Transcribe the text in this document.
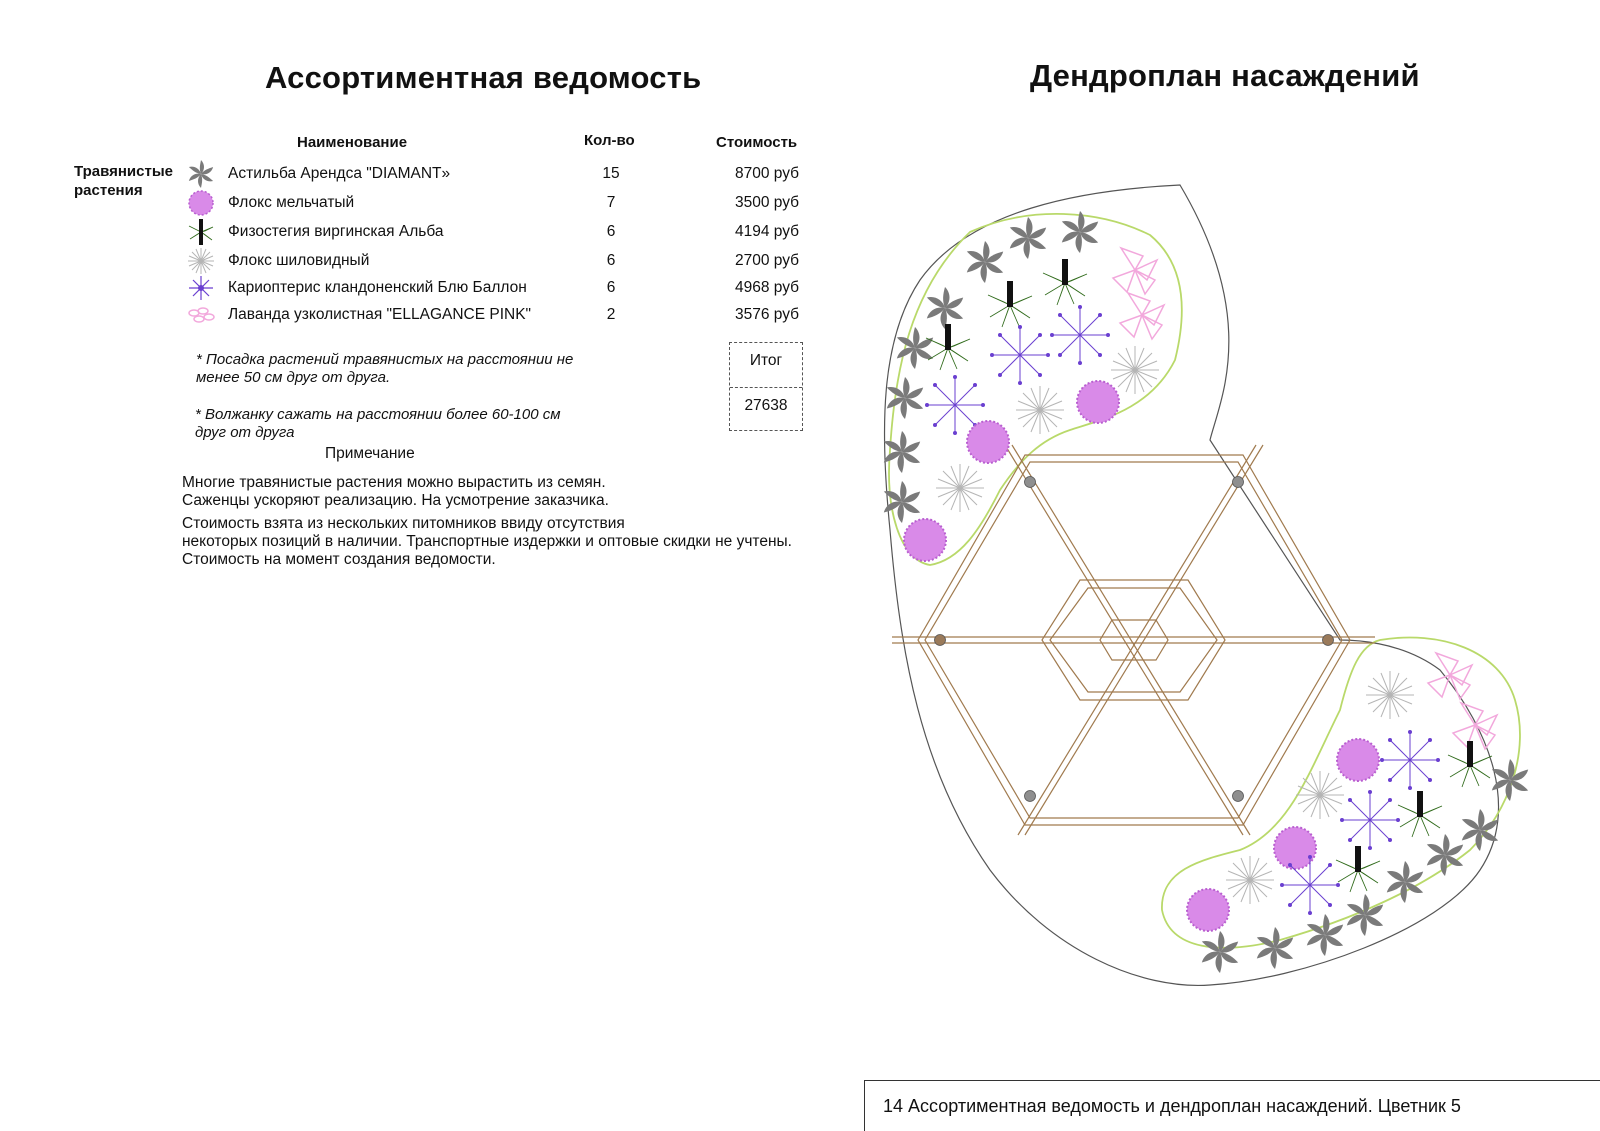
Ассортиментная ведомость	Дендроплан насаждений
Наименование	Кол-во	Стоимость
Травянистые растения
Астильба Арендса "DIAMANT»	15	8700 руб
Флокс мельчатый	7	3500 руб
Физостегия виргинская Альба	6	4194 руб
Флокс шиловидный	6	2700 руб
Кариоптерис кландоненский Блю Баллон	6	4968 руб
Лаванда узколистная "ELLAGANCE PINK"	2	3576 руб
Итог
27638
* Посадка растений травянистых на расстоянии не менее 50 см друг от друга.
* Волжанку сажать на расстоянии более 60-100 см друг от друга
Примечание
Многие травянистые растения можно вырастить из семян.
Саженцы ускоряют реализацию. На усмотрение заказчика.
Стоимость взята из нескольких питомников ввиду отсутствия
некоторых позиций в наличии. Транспортные издержки и оптовые скидки не учтены.
Стоимость на момент создания ведомости.
14 Ассортиментная ведомость и дендроплан насаждений. Цветник 5
